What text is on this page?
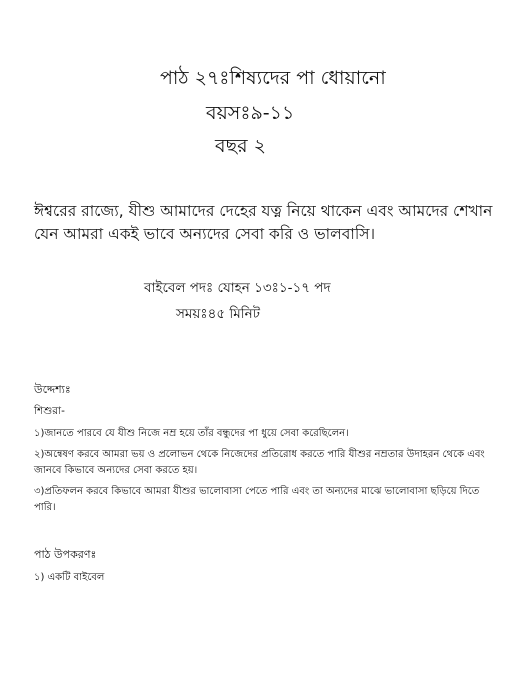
পাঠ ২৭ঃশিষ্যদের পা ধোয়ানো
বয়সঃ৯-১১
বছর ২

ঈশ্বরের রাজ্যে, যীশু আমাদের দেহের যত্ন নিয়ে থাকেন এবং আমদের শেখান যেন আমরা একই ভাবে অন্যদের সেবা করি ও ভালবাসি।

বাইবেল পদঃ যোহন ১৩ঃ১-১৭ পদ
সময়ঃ৪৫ মিনিট
উদ্দেশ্যঃ
শিশুরা-

১)জানতে পারবে যে যীশু নিজে নম্র হয়ে তাঁর বন্ধুদের পা ধুয়ে সেবা করেছিলেন।

২)অন্বেষণ করবে আমরা ভয় ও প্রলোভন থেকে নিজেদের প্রতিরোধ করতে পারি যীশুর নম্রতার উদাহরন থেকে এবং জানবে কিভাবে অন্যদের সেবা করতে হয়।

৩)প্রতিফলন করবে কিভাবে আমরা যীশুর ভালোবাসা পেতে পারি এবং তা অন্যদের মাঝে ভালোবাসা ছড়িয়ে দিতে পারি।

পাঠ উপকরণঃ
১) একটি বাইবেল
